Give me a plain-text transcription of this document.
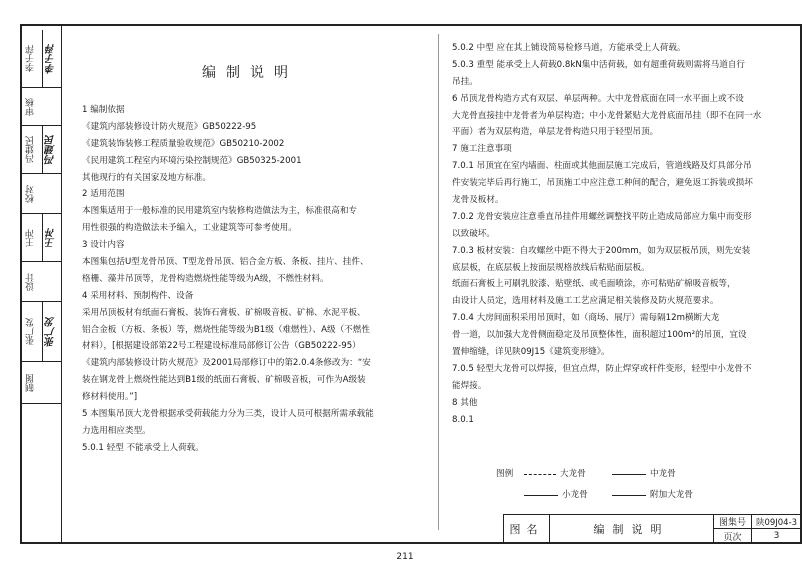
李子萍 李子萍
审核
冯建民 冯建民
校对
王冲 王冲
设计
张广发 张广发
制图
编制说明
1 编制依据
《建筑内部装修设计防火规范》GB50222-95
《建筑装饰装修工程质量验收规范》GB50210-2002
《民用建筑工程室内环境污染控制规范》GB50325-2001
其他现行的有关国家及地方标准。
2 适用范围
本图集适用于一般标准的民用建筑室内装修构造做法为主，标准很高和专
用性很强的构造做法未予编入，工业建筑等可参考使用。
3 设计内容
本图集包括U型龙骨吊顶、T型龙骨吊顶、铝合金方板、条板、挂片、挂件、
格栅、藻井吊顶等，龙骨构造燃烧性能等级为A级，不燃性材料。
4 采用材料、预制构件、设备
采用吊顶板材有纸面石膏板、装饰石膏板、矿棉吸音板、矿棉、水泥平板、
铝合金板（方板、条板）等，燃烧性能等级为B1级（难燃性）、A级（不燃性
材料），[根据建设部第22号工程建设标准局部修订公告（GB50222-95）
《建筑内部装修设计防火规范》及2001局部修订中的第2.0.4条修改为：“安
装在钢龙骨上燃烧性能达到B1级的纸面石膏板、矿棉吸音板，可作为A级装
修材料使用。”]
5 本图集吊顶大龙骨根据承受荷载能力分为三类，设计人员可根据所需承载能
力选用相应类型。
5.0.1 轻型 不能承受上人荷载。
5.0.2 中型 应在其上铺设简易检修马道，方能承受上人荷载。
5.0.3 重型 能承受上人荷载0.8kN集中活荷载，如有超重荷载则需将马道自行
吊挂。
6 吊顶龙骨构造方式有双层、单层两种。大中龙骨底面在同一水平面上或不设
大龙骨直接挂中龙骨者为单层构造；中小龙骨紧贴大龙骨底面吊挂（即不在同一水
平面）者为双层构造，单层龙骨构造只用于轻型吊顶。
7 施工注意事项
7.0.1 吊顶宜在室内墙面、柱面或其他面层施工完成后，管道线路及灯具部分吊
件安装完毕后再行施工，吊顶施工中应注意工种间的配合，避免返工拆装或损坏
龙骨及板材。
7.0.2 龙骨安装应注意垂直吊挂件用螺丝调整找平防止造成局部应力集中而变形
以致破坏。
7.0.3 板材安装：自攻螺丝中距不得大于200mm，如为双层板吊顶，则先安装
底层板，在底层板上按面层规格放线后粘贴面层板。
纸面石膏板上可刷乳胶漆、贴壁纸、或毛面喷涂，亦可粘贴矿棉吸音板等，
由设计人员定，选用材料及施工工艺应满足相关装修及防火规范要求。
7.0.4 大房间面积采用吊顶时，如（商场、展厅）需每隔12m横断大龙
骨一道，以加强大龙骨侧面稳定及吊顶整体性，面积超过100m²的吊顶，宜设
置伸缩缝，详见陕09J15《建筑变形缝》。
7.0.5 轻型大龙骨可以焊接，但宜点焊，防止焊穿或杆件变形，轻型中小龙骨不
能焊接。
8 其他
8.0.1
图例	大龙骨	中龙骨
小龙骨	附加大龙骨
图名	编制说明	图集号	陕09J04-3
页次	3
211
